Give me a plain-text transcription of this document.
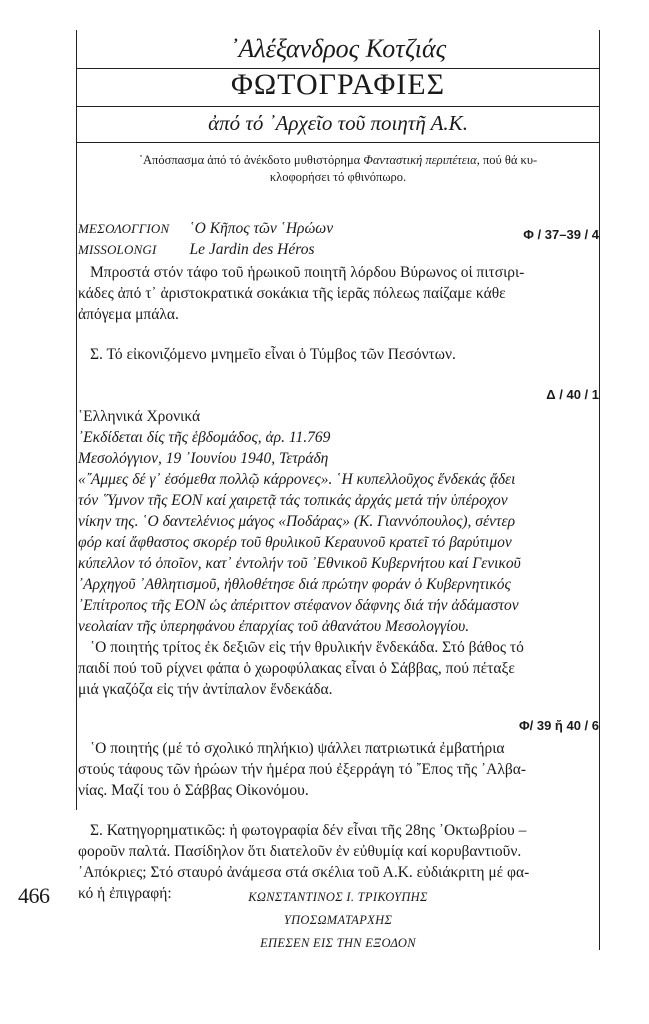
᾿Αλέξανδρος Κοτζιάς
ΦΩΤΟΓΡΑΦΙΕΣ
ἀπό τό ᾿Αρχεῖο τοῦ ποιητῆ Α.Κ.
᾿Απόσπασμα ἀπό τό ἀνέκδοτο μυθιστόρημα Φανταστική περιπέτεια, πού θά κυ-
κλοφορήσει τό φθινόπωρο.
ΜΕΣΟΛΟΓΓΙΟΝ ῾Ο Κῆπος τῶν ῾Ηρώων	Φ / 37–39 / 4
MISSOLONGI Le Jardin des Héros
Μπροστά στόν τάφο τοῦ ἡρωικοῦ ποιητῆ λόρδου Βύρωνος οἱ πιτσιρι-
κάδες ἀπό τ᾿ ἀριστοκρατικά σοκάκια τῆς ἱερᾶς πόλεως παίζαμε κάθε
ἀπόγεμα μπάλα.
Σ. Τό εἰκονιζόμενο μνημεῖο εἶναι ὁ Τύμβος τῶν Πεσόντων.
Δ / 40 / 1
῾Ελληνικά Χρονικά
᾿Εκδίδεται δίς τῆς ἑβδομάδος, ἀρ. 11.769
Μεσολόγγιον, 19 ᾿Ιουνίου 1940, Τετράδη
«῎Αμμες δέ γ᾿ ἐσόμεθα πολλῷ κάρρονες». ῾Η κυπελλοῦχος ἕνδεκάς ᾄδει
τόν ῞Υμνον τῆς ΕΟΝ καί χαιρετᾷ τάς τοπικάς ἀρχάς μετά τήν ὑπέροχον
νίκην της. ῾Ο δαντελένιος μάγος «Ποδάρας» (Κ. Γιαννόπουλος), σέντερ
φόρ καί ἄφθαστος σκορέρ τοῦ θρυλικοῦ Κεραυνοῦ κρατεῖ τό βαρύτιμον
κύπελλον τό ὁποῖον, κατ᾿ ἐντολήν τοῦ ᾿Εθνικοῦ Κυβερνήτου καί Γενικοῦ
᾿Αρχηγοῦ ᾿Αθλητισμοῦ, ἠθλοθέτησε διά πρώτην φοράν ὁ Κυβερνητικός
᾿Επίτροπος τῆς ΕΟΝ ὡς ἀπέριττον στέφανον δάφνης διά τήν ἀδάμαστον
νεολαίαν τῆς ὑπερηφάνου ἐπαρχίας τοῦ ἀθανάτου Μεσολογγίου.
῾Ο ποιητής τρίτος ἐκ δεξιῶν εἰς τήν θρυλικήν ἕνδεκάδα. Στό βάθος τό
παιδί πού τοῦ ρίχνει φάπα ὁ χωροφύλακας εἶναι ὁ Σάββας, πού πέταξε
μιά γκαζόζα εἰς τήν ἀντίπαλον ἕνδεκάδα.
Φ/ 39 ἤ 40 / 6
῾Ο ποιητής (μέ τό σχολικό πηλήκιο) ψάλλει πατριωτικά ἐμβατήρια
στούς τάφους τῶν ἡρώων τήν ἡμέρα πού ἐξερράγη τό ῎Επος τῆς ᾿Αλβα-
νίας. Μαζί του ὁ Σάββας Οἰκονόμου.
Σ. Κατηγορηματικῶς: ἡ φωτογραφία δέν εἶναι τῆς 28ης ᾿Οκτωβρίου –
φοροῦν παλτά. Πασίδηλον ὅτι διατελοῦν ἐν εὐθυμίᾳ καί κορυβαντιοῦν.
᾿Απόκριες; Στό σταυρό ἀνάμεσα στά σκέλια τοῦ Α.Κ. εὐδιάκριτη μέ φα-
κό ἡ ἐπιγραφή:	ΚΩΝΣΤΑΝΤΙΝΟΣ Ι. ΤΡΙΚΟΥΠΗΣ
ΥΠΟΣΩΜΑΤΑΡΧΗΣ
ΕΠΕΣΕΝ ΕΙΣ ΤΗΝ ΕΞΟΔΟΝ
466
